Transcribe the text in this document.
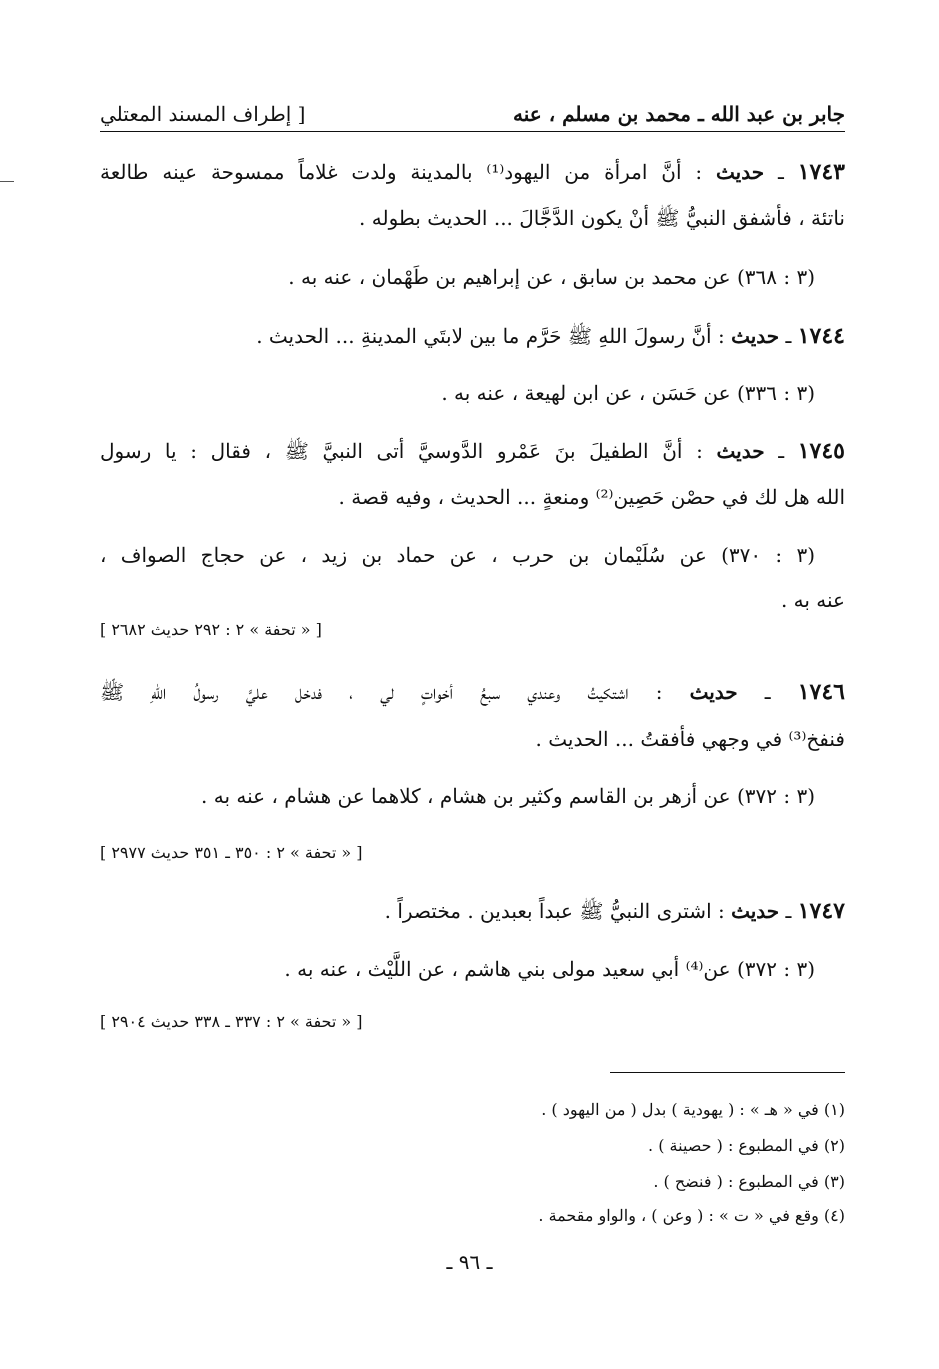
جابر بن عبد الله ـ محمد بن مسلم ، عنه
[ إطراف المسند المعتلي
١٧٤٣ ـ حديث : أنَّ امرأة من اليهود⁽¹⁾ بالمدينة ولدت غلاماً ممسوحة عينه طالعة
ناتئة ، فأشفق النبيُّ ﷺ أنْ يكون الدَّجَّالَ ... الحديث بطوله .
(٣ : ٣٦٨) عن محمد بن سابق ، عن إبراهيم بن طَهْمان ، عنه به .
١٧٤٤ ـ حديث : أنَّ رسولَ اللهِ ﷺ حَرَّم ما بين لابتَي المدينةِ ... الحديث .
(٣ : ٣٣٦) عن حَسَن ، عن ابن لهيعة ، عنه به .
١٧٤٥ ـ حديث : أنَّ الطفيلَ بنَ عَمْرو الدَّوسيَّ أتى النبيَّ ﷺ ، فقال : يا رسول
الله هل لك في حصْن حَصِين⁽²⁾ ومنعةٍ ... الحديث ، وفيه قصة .
(٣ : ٣٧٠) عن سُلَيْمان بن حرب ، عن حماد بن زيد ، عن حجاج الصواف ،
عنه به .
[ « تحفة » ٢ : ٢٩٢ حديث ٢٦٨٢ ]
١٧٤٦ ـ حديث : اشتكيتُ وعندي سبعُ أخواتٍ لي ، فدخل عليَّ رسولُ اللهِ ﷺ
فنفخ⁽³⁾ في وجهي فأفقتُ ... الحديث .
(٣ : ٣٧٢) عن أزهر بن القاسم وكثير بن هشام ، كلاهما عن هشام ، عنه به .
[ « تحفة » ٢ : ٣٥٠ ـ ٣٥١ حديث ٢٩٧٧ ]
١٧٤٧ ـ حديث : اشترى النبيُّ ﷺ عبداً بعبدين . مختصراً .
(٣ : ٣٧٢) عن⁽⁴⁾ أبي سعيد مولى بني هاشم ، عن اللَّيْث ، عنه به .
[ « تحفة » ٢ : ٣٣٧ ـ ٣٣٨ حديث ٢٩٠٤ ]
(١) في « هـ » : ( يهودية ) بدل ( من اليهود ) .
(٢) في المطبوع : ( حصينة ) .
(٣) في المطبوع : ( فنضح ) .
(٤) وقع في « ت » : ( وعن ) ، والواو مقحمة .
ـ ٩٦ ـ
